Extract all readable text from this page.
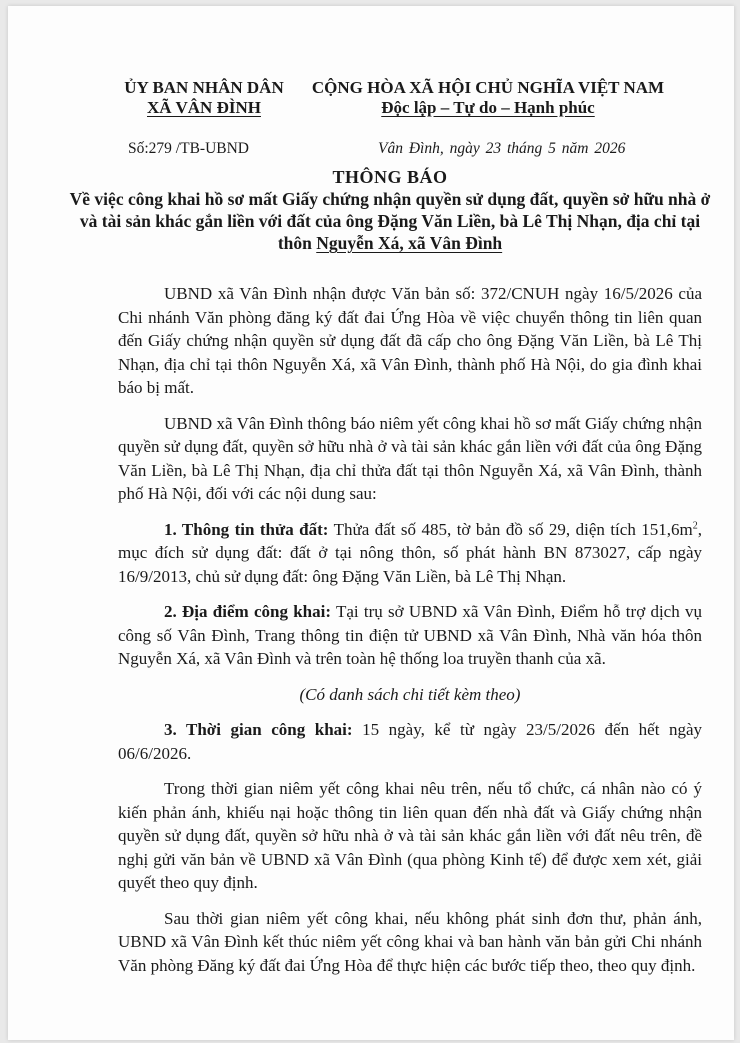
ỦY BAN NHÂN DÂN
XÃ VÂN ĐÌNH
CỘNG HÒA XÃ HỘI CHỦ NGHĨA VIỆT NAM
Độc lập – Tự do – Hạnh phúc
Số:279 /TB-UBND	Vân Đình, ngày 23 tháng 5 năm 2026
THÔNG BÁO
Về việc công khai hồ sơ mất Giấy chứng nhận quyền sử dụng đất, quyền sở hữu nhà ở và tài sản khác gắn liền với đất của ông Đặng Văn Liền, bà Lê Thị Nhạn, địa chỉ tại thôn Nguyễn Xá, xã Vân Đình

UBND xã Vân Đình nhận được Văn bản số: 372/CNUH ngày 16/5/2026 của Chi nhánh Văn phòng đăng ký đất đai Ứng Hòa về việc chuyển thông tin liên quan đến Giấy chứng nhận quyền sử dụng đất đã cấp cho ông Đặng Văn Liền, bà Lê Thị Nhạn, địa chỉ tại thôn Nguyễn Xá, xã Vân Đình, thành phố Hà Nội, do gia đình khai báo bị mất.

UBND xã Vân Đình thông báo niêm yết công khai hồ sơ mất Giấy chứng nhận quyền sử dụng đất, quyền sở hữu nhà ở và tài sản khác gắn liền với đất của ông Đặng Văn Liền, bà Lê Thị Nhạn, địa chỉ thửa đất tại thôn Nguyễn Xá, xã Vân Đình, thành phố Hà Nội, đối với các nội dung sau:

1. Thông tin thửa đất: Thửa đất số 485, tờ bản đồ số 29, diện tích $151,6m^2$, mục đích sử dụng đất: đất ở tại nông thôn, số phát hành BN 873027, cấp ngày 16/9/2013, chủ sử dụng đất: ông Đặng Văn Liền, bà Lê Thị Nhạn.

2. Địa điểm công khai: Tại trụ sở UBND xã Vân Đình, Điểm hỗ trợ dịch vụ công số Vân Đình, Trang thông tin điện tử UBND xã Vân Đình, Nhà văn hóa thôn Nguyễn Xá, xã Vân Đình và trên toàn hệ thống loa truyền thanh của xã.

(Có danh sách chi tiết kèm theo)

3. Thời gian công khai: 15 ngày, kể từ ngày 23/5/2026 đến hết ngày 06/6/2026.

Trong thời gian niêm yết công khai nêu trên, nếu tổ chức, cá nhân nào có ý kiến phản ánh, khiếu nại hoặc thông tin liên quan đến nhà đất và Giấy chứng nhận quyền sử dụng đất, quyền sở hữu nhà ở và tài sản khác gắn liền với đất nêu trên, đề nghị gửi văn bản về UBND xã Vân Đình (qua phòng Kinh tế) để được xem xét, giải quyết theo quy định.

Sau thời gian niêm yết công khai, nếu không phát sinh đơn thư, phản ánh, UBND xã Vân Đình kết thúc niêm yết công khai và ban hành văn bản gửi Chi nhánh Văn phòng Đăng ký đất đai Ứng Hòa để thực hiện các bước tiếp theo, theo quy định.
